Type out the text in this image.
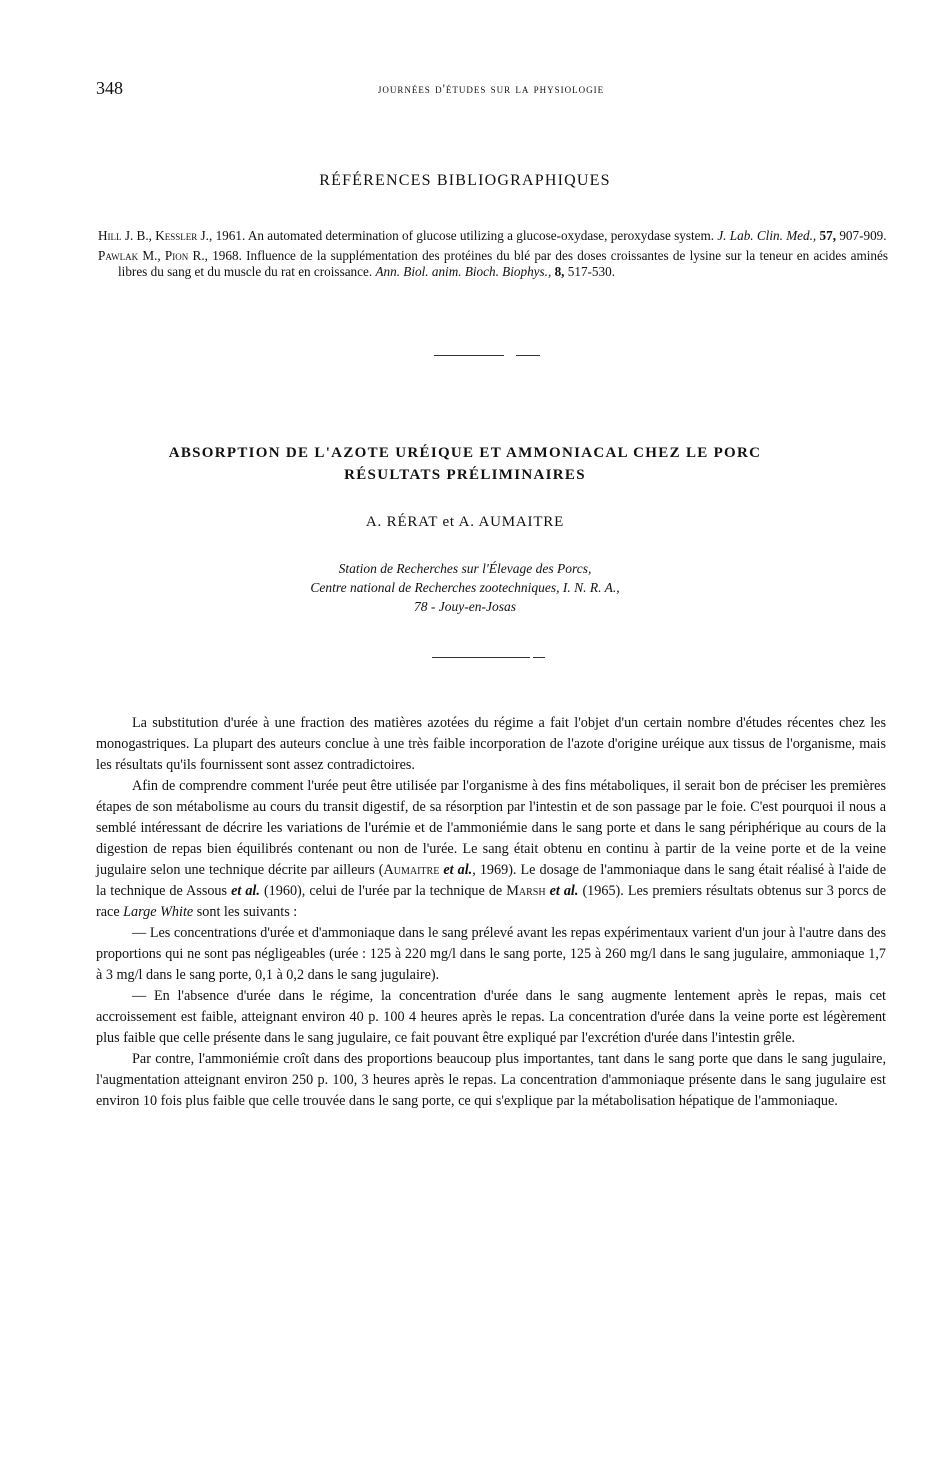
348	journées d'études sur la physiologie
RÉFÉRENCES BIBLIOGRAPHIQUES
Hill J. B., Kessler J., 1961. An automated determination of glucose utilizing a glucose-oxydase, peroxydase system. J. Lab. Clin. Med., 57, 907-909.
Pawlak M., Pion R., 1968. Influence de la supplémentation des protéines du blé par des doses croissantes de lysine sur la teneur en acides aminés libres du sang et du muscle du rat en croissance. Ann. Biol. anim. Bioch. Biophys., 8, 517-530.
ABSORPTION DE L'AZOTE URÉIQUE ET AMMONIACAL CHEZ LE PORC
RÉSULTATS PRÉLIMINAIRES
A. RÉRAT et A. AUMAITRE
Station de Recherches sur l'Élevage des Porcs,
Centre national de Recherches zootechniques, I. N. R. A.,
78 - Jouy-en-Josas

La substitution d'urée à une fraction des matières azotées du régime a fait l'objet d'un certain nombre d'études récentes chez les monogastriques. La plupart des auteurs conclue à une très faible incorporation de l'azote d'origine uréique aux tissus de l'organisme, mais les résultats qu'ils fournissent sont assez contradictoires.

Afin de comprendre comment l'urée peut être utilisée par l'organisme à des fins métaboliques, il serait bon de préciser les premières étapes de son métabolisme au cours du transit digestif, de sa résorption par l'intestin et de son passage par le foie. C'est pourquoi il nous a semblé intéressant de décrire les variations de l'urémie et de l'ammoniémie dans le sang porte et dans le sang périphérique au cours de la digestion de repas bien équilibrés contenant ou non de l'urée. Le sang était obtenu en continu à partir de la veine porte et de la veine jugulaire selon une technique décrite par ailleurs (Aumaitre et al., 1969). Le dosage de l'ammoniaque dans le sang était réalisé à l'aide de la technique de Assous et al. (1960), celui de l'urée par la technique de Marsh et al. (1965). Les premiers résultats obtenus sur 3 porcs de race Large White sont les suivants :

— Les concentrations d'urée et d'ammoniaque dans le sang prélevé avant les repas expérimentaux varient d'un jour à l'autre dans des proportions qui ne sont pas négligeables (urée : 125 à 220 mg/l dans le sang porte, 125 à 260 mg/l dans le sang jugulaire, ammoniaque 1,7 à 3 mg/l dans le sang porte, 0,1 à 0,2 dans le sang jugulaire).

— En l'absence d'urée dans le régime, la concentration d'urée dans le sang augmente lentement après le repas, mais cet accroissement est faible, atteignant environ 40 p. 100 4 heures après le repas. La concentration d'urée dans la veine porte est légèrement plus faible que celle présente dans le sang jugulaire, ce fait pouvant être expliqué par l'excrétion d'urée dans l'intestin grêle.

Par contre, l'ammoniémie croît dans des proportions beaucoup plus importantes, tant dans le sang porte que dans le sang jugulaire, l'augmentation atteignant environ 250 p. 100, 3 heures après le repas. La concentration d'ammoniaque présente dans le sang jugulaire est environ 10 fois plus faible que celle trouvée dans le sang porte, ce qui s'explique par la métabolisation hépatique de l'ammoniaque.
